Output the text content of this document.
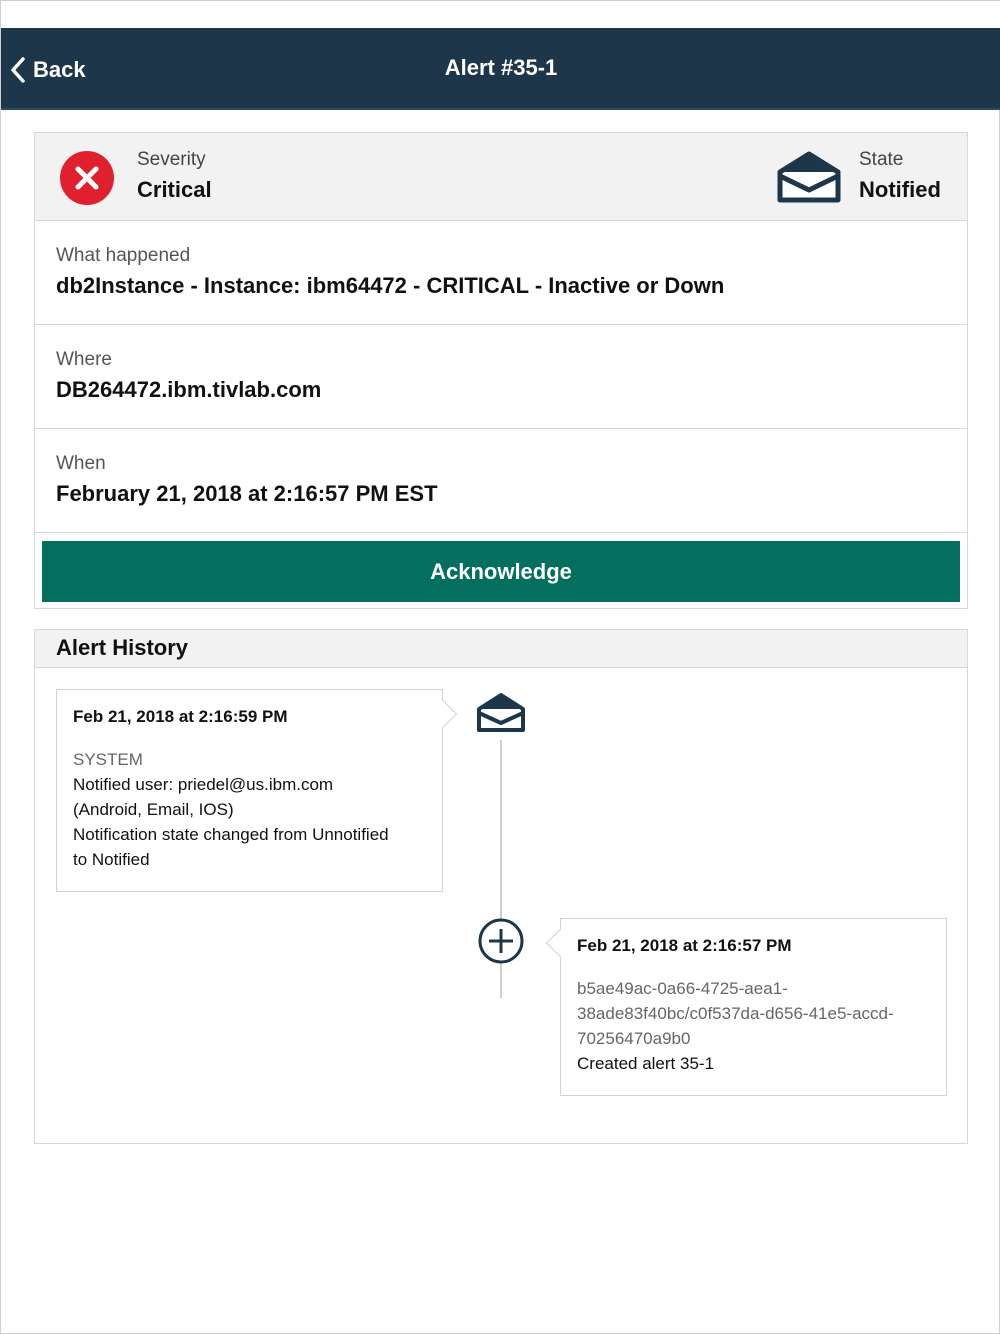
Back	Alert #35-1
Severity
Critical
State
Notified
What happened
db2Instance - Instance: ibm64472 - CRITICAL - Inactive or Down
Where
DB264472.ibm.tivlab.com
When
February 21, 2018 at 2:16:57 PM EST
Acknowledge
Alert History
Feb 21, 2018 at 2:16:59 PM
SYSTEM
Notified user: priedel@us.ibm.com
(Android, Email, IOS)
Notification state changed from Unnotified
to Notified
Feb 21, 2018 at 2:16:57 PM
b5ae49ac-0a66-4725-aea1-
38ade83f40bc/c0f537da-d656-41e5-accd-
70256470a9b0
Created alert 35-1
